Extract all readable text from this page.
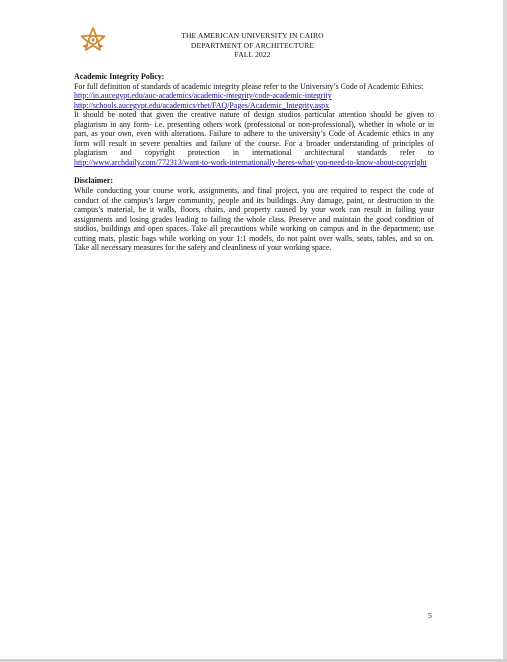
THE AMERICAN UNIVERSITY IN CAIRO
DEPARTMENT OF ARCHITECTURE
FALL 2022

Academic Integrity Policy:

For full definition of standards of academic integrity please refer to the University’s Code of Academic Ethics:

http://in.aucegypt.edu/auc-academics/academic-integrity/code-academic-integrity
http://schools.aucegypt.edu/academics/rhet/FAQ/Pages/Academic_Integrity.aspx

It should be noted that given the creative nature of design studios particular attention should be given to plagiarism in any form- i.e. presenting others work (professional or non-professional), whether in whole or in part, as your own, even with alterations. Failure to adhere to the university’s Code of Academic ethics in any form will result in severe penalties and failure of the course. For a broader understanding of principles of plagiarism and copyright protection in international architectural standards refer to http://www.archdaily.com/772313/want-to-work-internationally-heres-what-you-need-to-know-about-copyright

Disclaimer:

While conducting your course work, assignments, and final project, you are required to respect the code of conduct of the campus’s larger community, people and its buildings. Any damage, paint, or destruction to the campus’s material, be it walls, floors, chairs, and property caused by your work can result in failing your assignments and losing grades leading to failing the whole class. Preserve and maintain the good condition of studios, buildings and open spaces. Take all precautions while working on campus and in the department; use cutting mats, plastic bags while working on your 1:1 models, do not paint over walls, seats, tables, and so on. Take all necessary measures for the safety and cleanliness of your working space.

5
